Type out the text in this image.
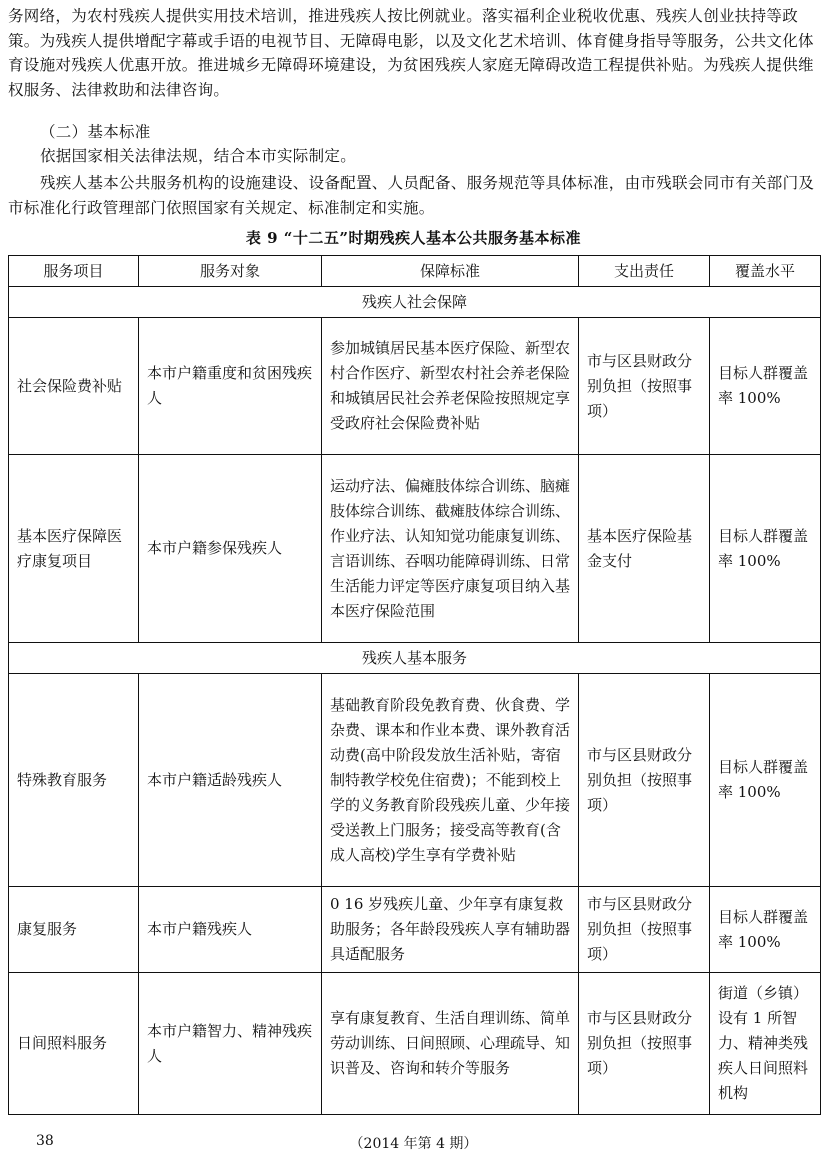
务网络，为农村残疾人提供实用技术培训，推进残疾人按比例就业。落实福利企业税收优惠、残疾人创业扶持等政策。为残疾人提供增配字幕或手语的电视节目、无障碍电影，以及文化艺术培训、体育健身指导等服务，公共文化体育设施对残疾人优惠开放。推进城乡无障碍环境建设，为贫困残疾人家庭无障碍改造工程提供补贴。为残疾人提供维权服务、法律救助和法律咨询。

（二）基本标准

依据国家相关法律法规，结合本市实际制定。

残疾人基本公共服务机构的设施建设、设备配置、人员配备、服务规范等具体标准，由市残联会同市有关部门及市标准化行政管理部门依照国家有关规定、标准制定和实施。

表 9 “十二五”时期残疾人基本公共服务基本标准
服务项目	服务对象	保障标准	支出责任	覆盖水平
残疾人社会保障				
社会保险费补贴	本市户籍重度和贫困残疾人	参加城镇居民基本医疗保险、新型农村合作医疗、新型农村社会养老保险和城镇居民社会养老保险按照规定享受政府社会保险费补贴	市与区县财政分别负担（按照事项）	目标人群覆盖率 100%
基本医疗保障医疗康复项目	本市户籍参保残疾人	运动疗法、偏瘫肢体综合训练、脑瘫肢体综合训练、截瘫肢体综合训练、作业疗法、认知知觉功能康复训练、言语训练、吞咽功能障碍训练、日常生活能力评定等医疗康复项目纳入基本医疗保险范围	基本医疗保险基金支付	目标人群覆盖率 100%
残疾人基本服务				
特殊教育服务	本市户籍适龄残疾人	基础教育阶段免教育费、伙食费、学杂费、课本和作业本费、课外教育活动费(高中阶段发放生活补贴，寄宿制特教学校免住宿费)；不能到校上学的义务教育阶段残疾儿童、少年接受送教上门服务；接受高等教育(含成人高校)学生享有学费补贴	市与区县财政分别负担（按照事项）	目标人群覆盖率 100%
康复服务	本市户籍残疾人	0 16 岁残疾儿童、少年享有康复救助服务；各年龄段残疾人享有辅助器具适配服务	市与区县财政分别负担（按照事项）	目标人群覆盖率 100%
日间照料服务	本市户籍智力、精神残疾人	享有康复教育、生活自理训练、简单劳动训练、日间照顾、心理疏导、知识普及、咨询和转介等服务	市与区县财政分别负担（按照事项）	街道（乡镇）设有 1 所智力、精神类残疾人日间照料机构
38	（2014 年第 4 期）
